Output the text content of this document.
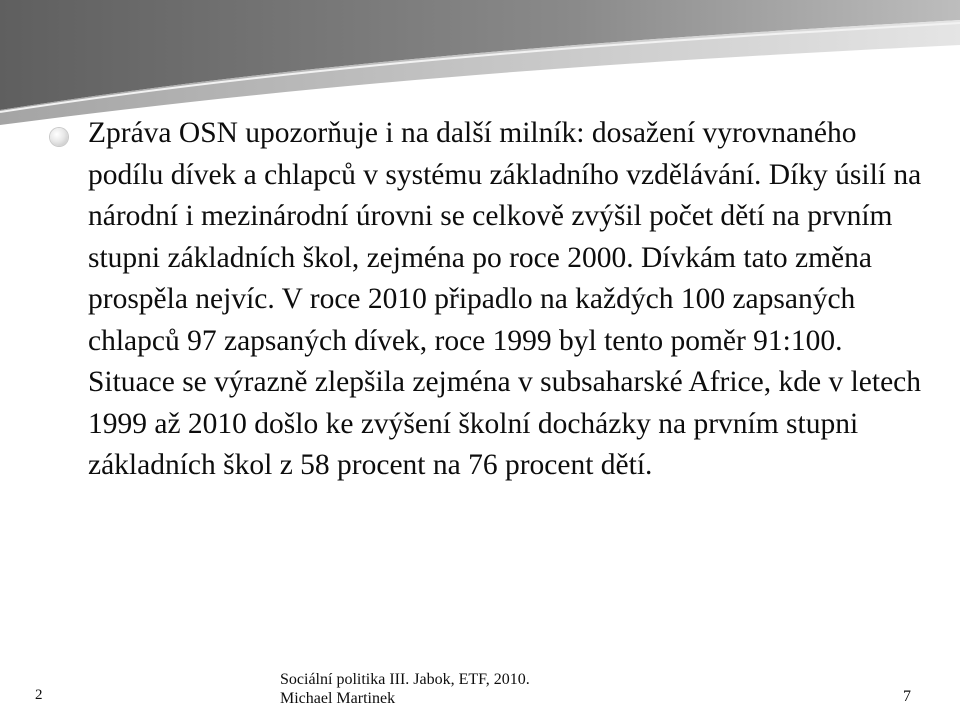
Zpráva OSN upozorňuje i na další milník: dosažení vyrovnaného podílu dívek a chlapců v systému základního vzdělávání. Díky úsilí na národní i mezinárodní úrovni se celkově zvýšil počet dětí na prvním stupni základních škol, zejména po roce 2000. Dívkám tato změna prospěla nejvíc. V roce 2010 připadlo na každých 100 zapsaných chlapců 97 zapsaných dívek, roce 1999 byl tento poměr 91:100. Situace se výrazně zlepšila zejména v subsaharské Africe, kde v letech 1999 až 2010 došlo ke zvýšení školní docházky na prvním stupni základních škol z 58 procent na 76 procent dětí.

2
Sociální politika III. Jabok, ETF, 2010.
Michael Martinek	7
